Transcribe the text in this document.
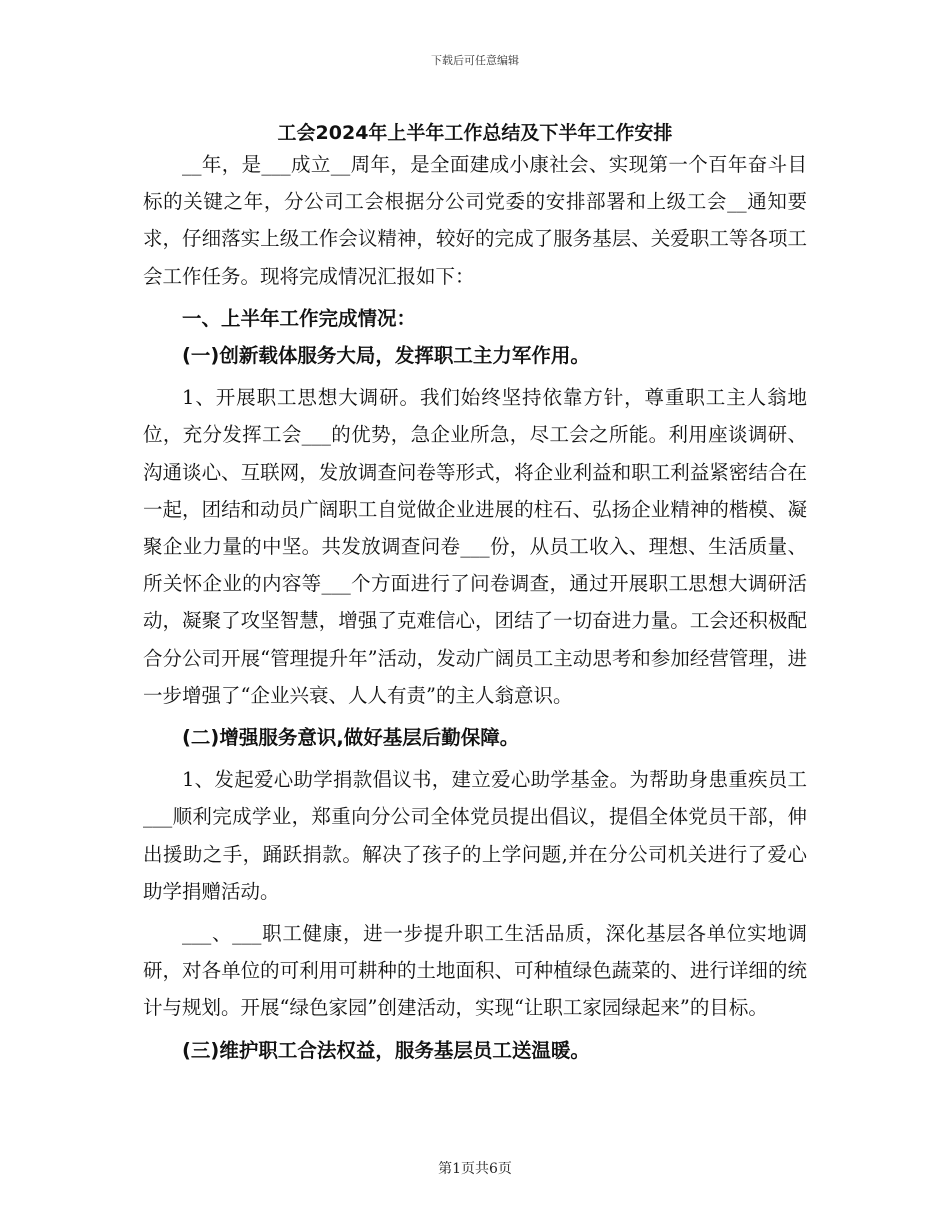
下载后可任意编辑
工会2024年上半年工作总结及下半年工作安排

__年，是___成立__周年，是全面建成小康社会、实现第一个百年奋斗目标的关键之年，分公司工会根据分公司党委的安排部署和上级工会__通知要求，仔细落实上级工作会议精神，较好的完成了服务基层、关爱职工等各项工会工作任务。现将完成情况汇报如下：

一、上半年工作完成情况：

(一)创新载体服务大局，发挥职工主力军作用。

1、开展职工思想大调研。我们始终坚持依靠方针，尊重职工主人翁地位，充分发挥工会___的优势，急企业所急，尽工会之所能。利用座谈调研、沟通谈心、互联网，发放调查问卷等形式，将企业利益和职工利益紧密结合在一起，团结和动员广阔职工自觉做企业进展的柱石、弘扬企业精神的楷模、凝聚企业力量的中坚。共发放调查问卷___份，从员工收入、理想、生活质量、所关怀企业的内容等___个方面进行了问卷调查，通过开展职工思想大调研活动，凝聚了攻坚智慧，增强了克难信心，团结了一切奋进力量。工会还积极配合分公司开展“管理提升年”活动，发动广阔员工主动思考和参加经营管理，进一步增强了“企业兴衰、人人有责”的主人翁意识。

(二)增强服务意识,做好基层后勤保障。

1、发起爱心助学捐款倡议书，建立爱心助学基金。为帮助身患重疾员工___顺利完成学业，郑重向分公司全体党员提出倡议，提倡全体党员干部，伸出援助之手，踊跃捐款。解决了孩子的上学问题,并在分公司机关进行了爱心助学捐赠活动。

___、___职工健康，进一步提升职工生活品质，深化基层各单位实地调研，对各单位的可利用可耕种的土地面积、可种植绿色蔬菜的、进行详细的统计与规划。开展“绿色家园”创建活动，实现“让职工家园绿起来”的目标。

(三)维护职工合法权益，服务基层员工送温暖。

第1页共6页
